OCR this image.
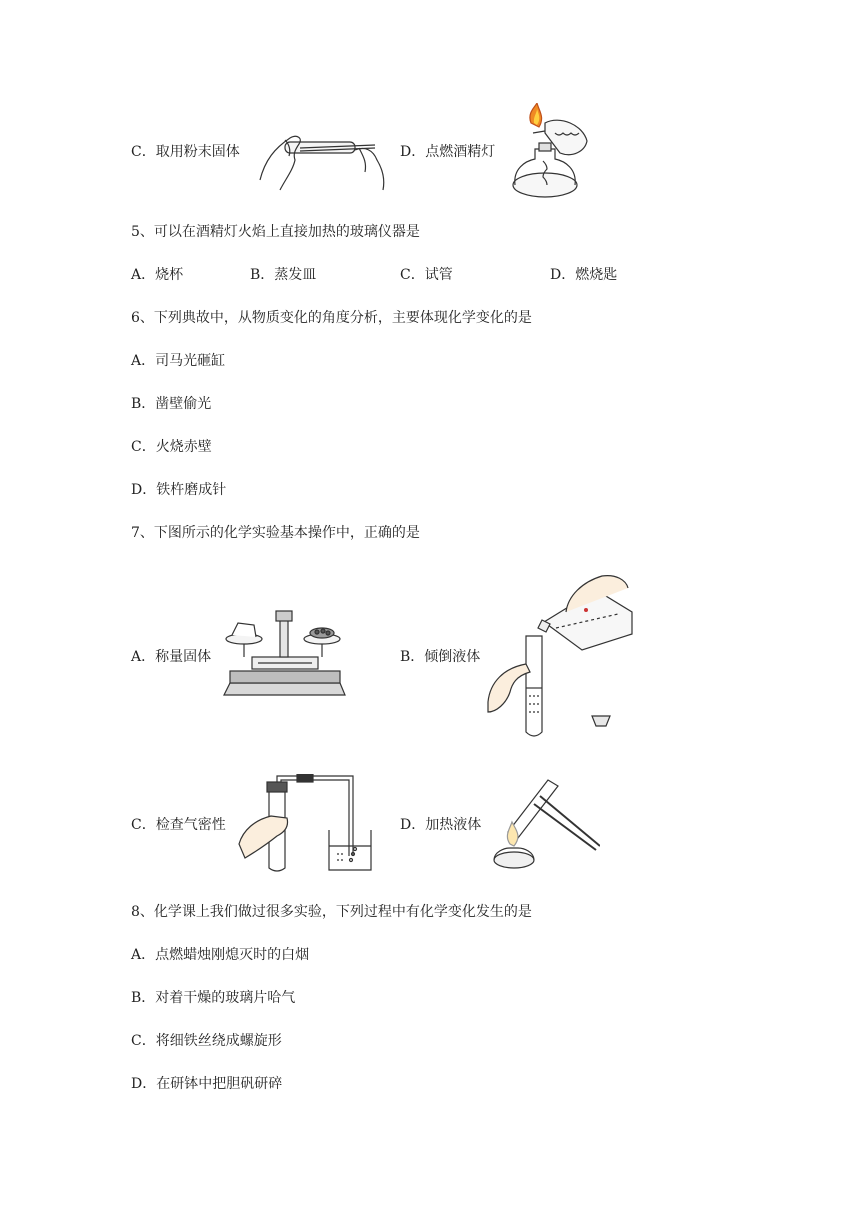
C．取用粉末固体	D．点燃酒精灯
5、可以在酒精灯火焰上直接加热的玻璃仪器是
A．烧杯	B．蒸发皿	C．试管	D．燃烧匙
6、下列典故中，从物质变化的角度分析，主要体现化学变化的是
A．司马光砸缸
B．凿壁偷光
C．火烧赤壁
D．铁杵磨成针
7、下图所示的化学实验基本操作中，正确的是
A．称量固体	B．倾倒液体
C．检查气密性	D．加热液体
8、化学课上我们做过很多实验，下列过程中有化学变化发生的是
A．点燃蜡烛刚熄灭时的白烟
B．对着干燥的玻璃片哈气
C．将细铁丝绕成螺旋形
D．在研钵中把胆矾研碎
